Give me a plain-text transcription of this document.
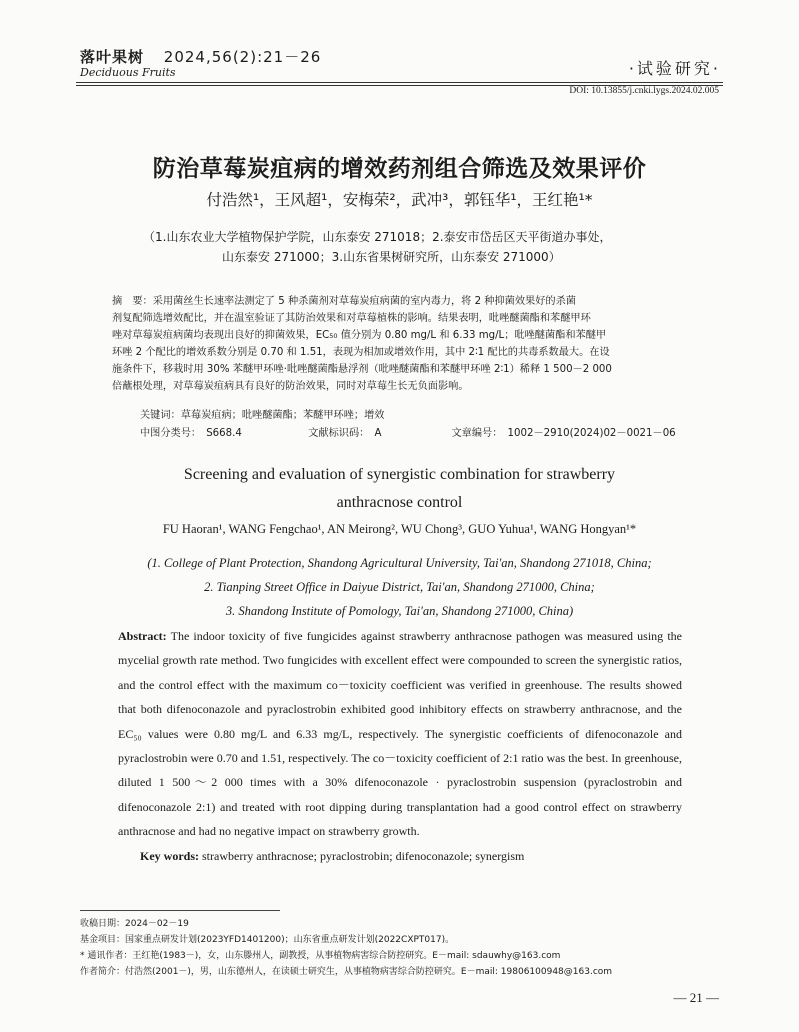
落叶果树 2024,56(2):21－26
Deciduous Fruits	·试验研究·
DOI: 10.13855/j.cnki.lygs.2024.02.005
防治草莓炭疽病的增效药剂组合筛选及效果评价
付浩然¹，王风超¹，安梅荣²，武冲³，郭钰华¹，王红艳¹*
（1.山东农业大学植物保护学院，山东泰安 271018；2.泰安市岱岳区天平街道办事处，
山东泰安 271000；3.山东省果树研究所，山东泰安 271000）
摘　要：采用菌丝生长速率法测定了 5 种杀菌剂对草莓炭疽病菌的室内毒力，将 2 种抑菌效果好的杀菌
剂复配筛选增效配比，并在温室验证了其防治效果和对草莓植株的影响。结果表明，吡唑醚菌酯和苯醚甲环
唑对草莓炭疽病菌均表现出良好的抑菌效果，EC₅₀ 值分别为 0.80 mg/L 和 6.33 mg/L；吡唑醚菌酯和苯醚甲
环唑 2 个配比的增效系数分别是 0.70 和 1.51，表现为相加或增效作用，其中 2∶1 配比的共毒系数最大。在设
施条件下，移栽时用 30% 苯醚甲环唑·吡唑醚菌酯悬浮剂（吡唑醚菌酯和苯醚甲环唑 2∶1）稀释 1 500－2 000
倍蘸根处理，对草莓炭疽病具有良好的防治效果，同时对草莓生长无负面影响。
关键词：草莓炭疽病；吡唑醚菌酯；苯醚甲环唑；增效
中图分类号：　S668.4	文献标识码：　A	文章编号：　1002－2910(2024)02－0021－06
Screening and evaluation of synergistic combination for strawberry
anthracnose control
FU Haoran¹, WANG Fengchao¹, AN Meirong², WU Chong³, GUO Yuhua¹, WANG Hongyan¹*
(1. College of Plant Protection, Shandong Agricultural University, Tai'an, Shandong 271018, China;
2. Tianping Street Office in Daiyue District, Tai'an, Shandong 271000, China;
3. Shandong Institute of Pomology, Tai'an, Shandong 271000, China)
Abstract: The indoor toxicity of five fungicides against strawberry anthracnose pathogen was measured using the mycelial growth rate method. Two fungicides with excellent effect were compounded to screen the synergistic ratios, and the control effect with the maximum co－toxicity coefficient was verified in greenhouse. The results showed that both difenoconazole and pyraclostrobin exhibited good inhibitory effects on strawberry anthracnose, and the EC₅₀ values were 0.80 mg/L and 6.33 mg/L, respectively. The synergistic coefficients of difenoconazole and pyraclostrobin were 0.70 and 1.51, respectively. The co－toxicity coefficient of 2:1 ratio was the best. In greenhouse, diluted 1 500～2 000 times with a 30% difenoconazole · pyraclostrobin suspension (pyraclostrobin and difenoconazole 2:1) and treated with root dipping during transplantation had a good control effect on strawberry anthracnose and had no negative impact on strawberry growth.
Key words: strawberry anthracnose; pyraclostrobin; difenoconazole; synergism
收稿日期：2024－02－19
基金项目：国家重点研发计划(2023YFD1401200)；山东省重点研发计划(2022CXPT017)。
* 通讯作者：王红艳(1983－)，女，山东滕州人，副教授，从事植物病害综合防控研究。E－mail: sdauwhy@163.com
作者简介：付浩然(2001－)，男，山东德州人，在读硕士研究生，从事植物病害综合防控研究。E－mail: 19806100948@163.com
— 21 —
